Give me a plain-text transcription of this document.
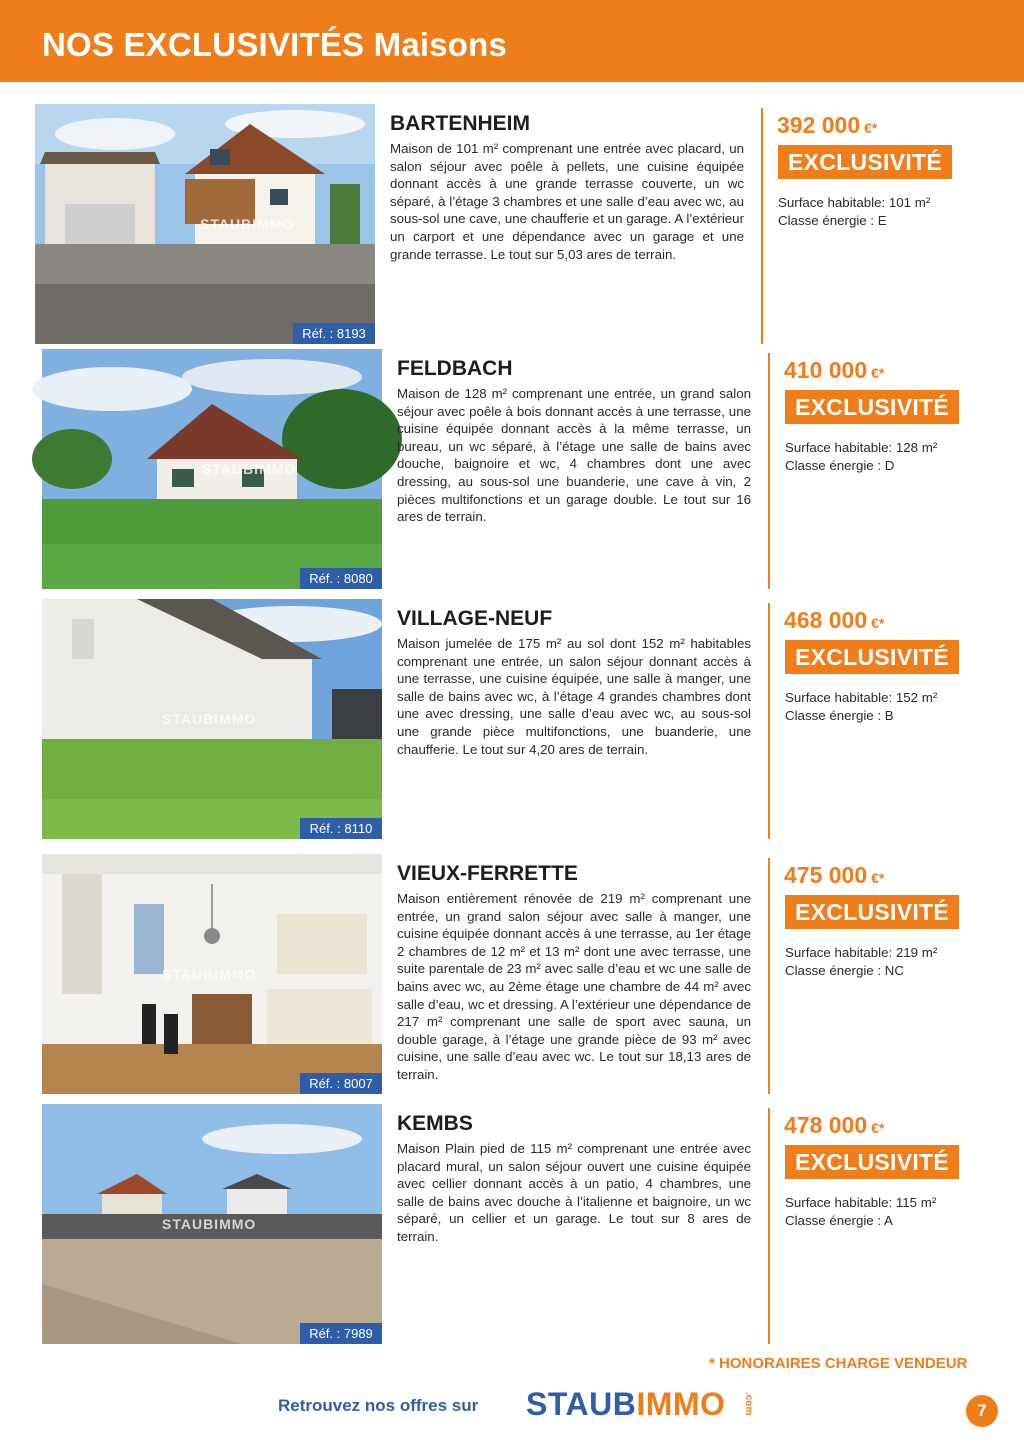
NOS EXCLUSIVITÉS Maisons
STAUBIMMO
Réf. : 8193
BARTENHEIM

Maison de 101 m² comprenant une entrée avec placard, un salon séjour avec poêle à pellets, une cuisine équipée donnant accès à une grande terrasse couverte, un wc séparé, à l’étage 3 chambres et une salle d’eau avec wc, au sous-sol une cave, une chaufferie et un garage. A l’extérieur un carport et une dépendance avec un garage et une grande terrasse. Le tout sur 5,03 ares de terrain.

392 000 €*
EXCLUSIVITÉ
Surface habitable: 101 m²
Classe énergie : E
STAUBIMMO
Réf. : 8080
FELDBACH

Maison de 128 m² comprenant une entrée, un grand salon séjour avec poêle à bois donnant accès à une terrasse, une cuisine équipée donnant accès à la même terrasse, un bureau, un wc séparé, à l’étage une salle de bains avec douche, baignoire et wc, 4 chambres dont une avec dressing, au sous-sol une buanderie, une cave à vin, 2 pièces multifonctions et un garage double. Le tout sur 16 ares de terrain.

410 000 €*
EXCLUSIVITÉ
Surface habitable: 128 m²
Classe énergie : D
STAUBIMMO
Réf. : 8110
VILLAGE-NEUF

Maison jumelée de 175 m² au sol dont 152 m² habitables comprenant une entrée, un salon séjour donnant accès à une terrasse, une cuisine équipée, une salle à manger, une salle de bains avec wc, à l’étage 4 grandes chambres dont une avec dressing, une salle d’eau avec wc, au sous-sol une grande pièce multifonctions, une buanderie, une chaufferie. Le tout sur 4,20 ares de terrain.

468 000 €*
EXCLUSIVITÉ
Surface habitable: 152 m²
Classe énergie : B
STAUBIMMO
Réf. : 8007
VIEUX-FERRETTE

Maison entièrement rénovée de 219 m² comprenant une entrée, un grand salon séjour avec salle à manger, une cuisine équipée donnant accès à une terrasse, au 1er étage 2 chambres de 12 m² et 13 m² dont une avec terrasse, une suite parentale de 23 m² avec salle d’eau et wc une salle de bains avec wc, au 2ème étage une chambre de 44 m² avec salle d’eau, wc et dressing. A l’extérieur une dépendance de 217 m² comprenant une salle de sport avec sauna, un double garage, à l’étage une grande pièce de 93 m² avec cuisine, une salle d’eau avec wc. Le tout sur 18,13 ares de terrain.

475 000 €*
EXCLUSIVITÉ
Surface habitable: 219 m²
Classe énergie : NC
STAUBIMMO
Réf. : 7989
KEMBS

Maison Plain pied de 115 m² comprenant une entrée avec placard mural, un salon séjour ouvert une cuisine équipée avec cellier donnant accès à un patio, 4 chambres, une salle de bains avec douche à l’italienne et baignoire, un wc séparé, un cellier et un garage. Le tout sur 8 ares de terrain.

478 000 €*
EXCLUSIVITÉ
Surface habitable: 115 m²
Classe énergie : A
* HONORAIRES CHARGE VENDEUR
Retrouvez nos offres sur STAUBIMMO .com	7
